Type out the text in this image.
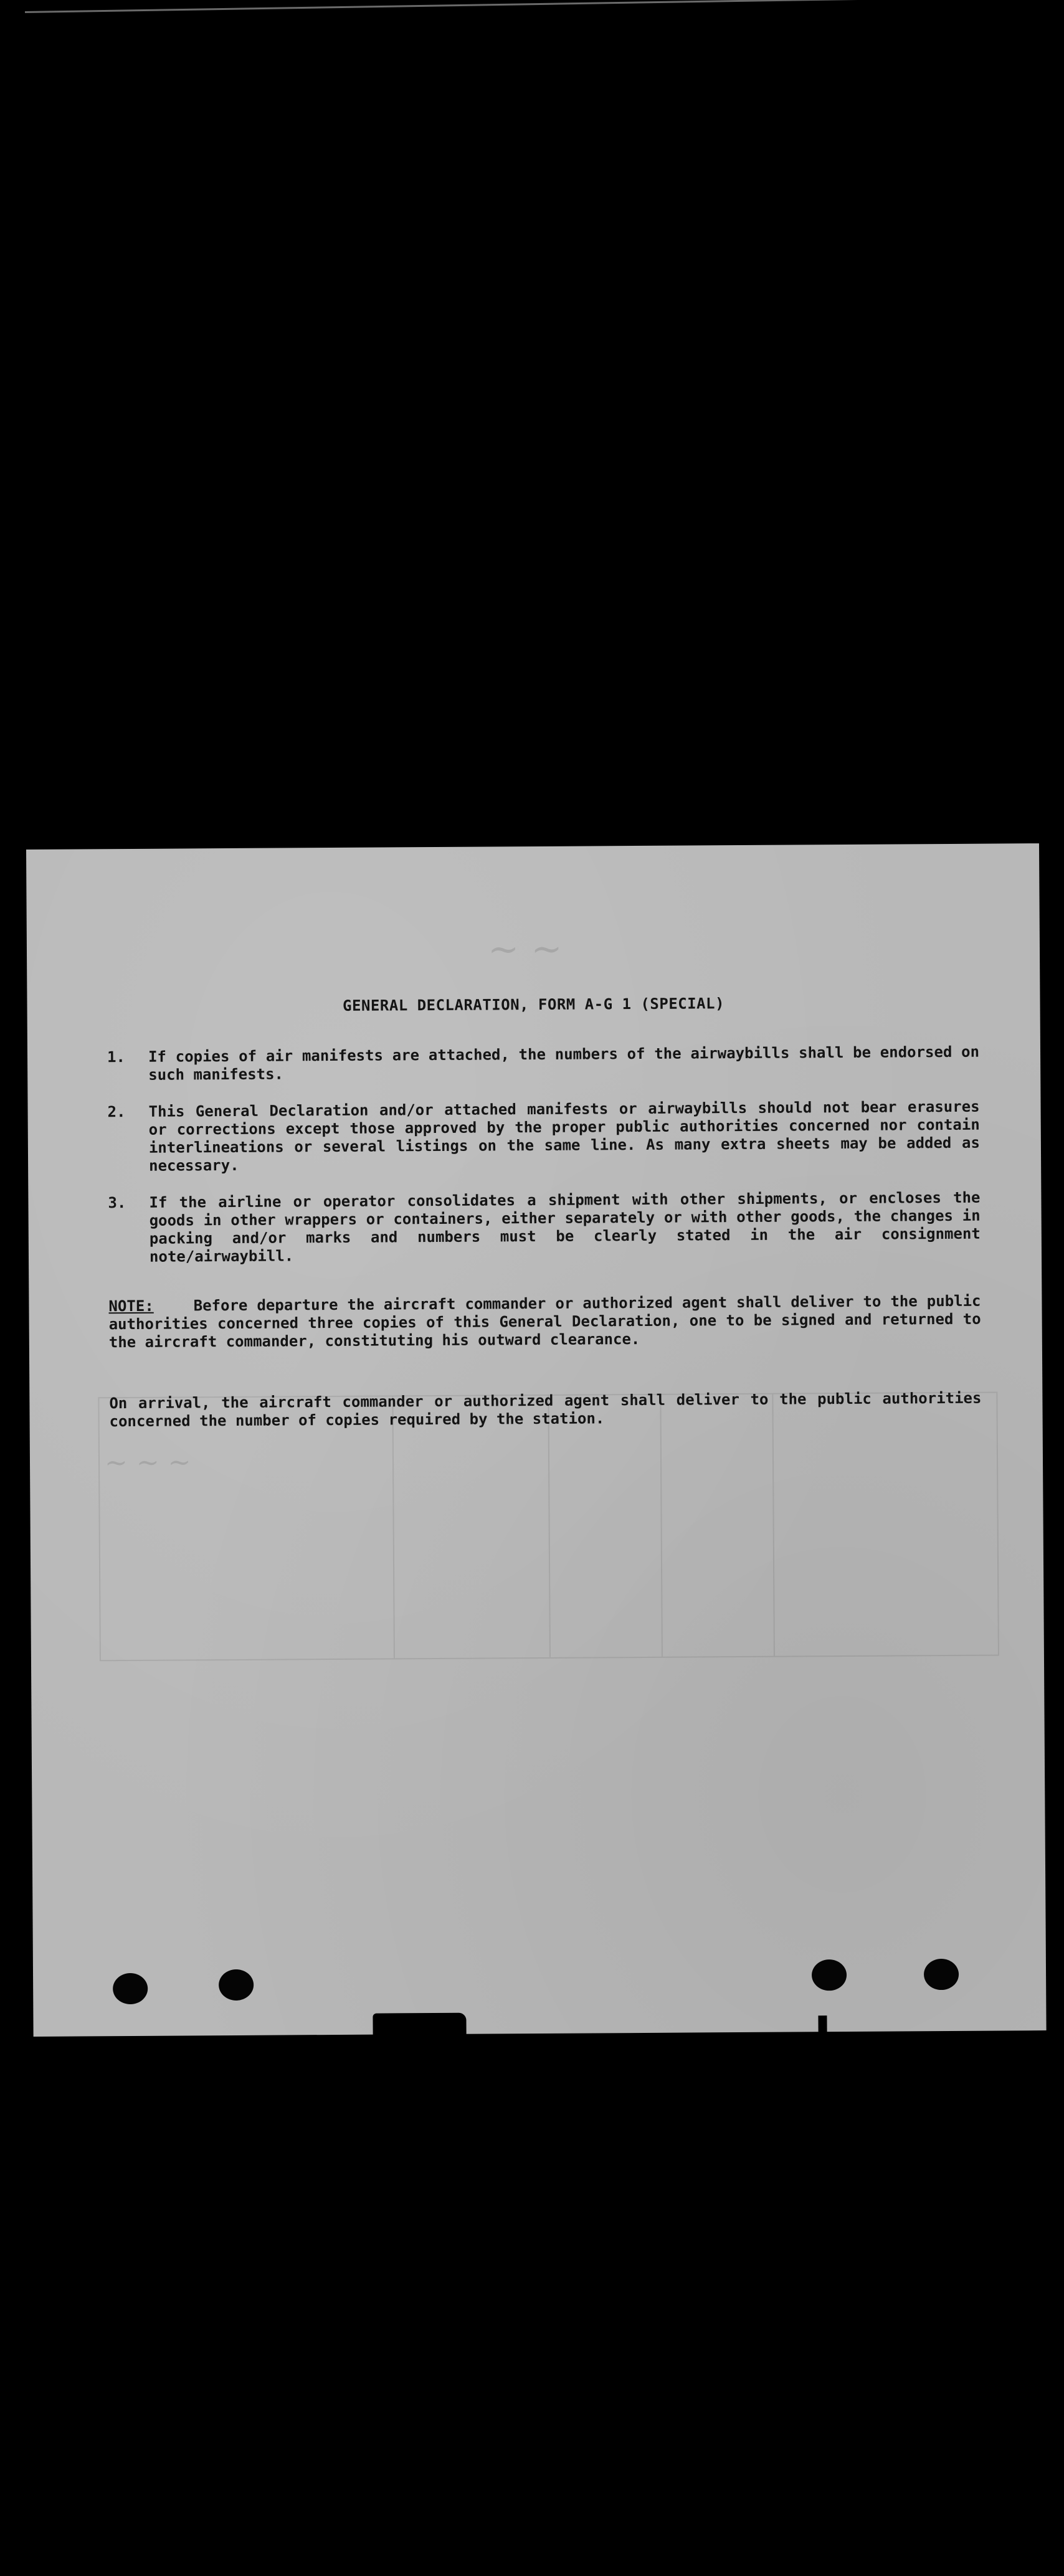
~ ~
~ ~ ~
GENERAL DECLARATION, FORM A-G 1 (SPECIAL)
1.	If copies of air manifests are attached, the numbers of the airwaybills shall be endorsed on such manifests.
2.	This General Declaration and/or attached manifests or airwaybills should not bear erasures or corrections except those approved by the proper public authorities concerned nor contain interlineations or several listings on the same line. As many extra sheets may be added as necessary.
3.	If the airline or operator consolidates a shipment with other shipments, or encloses the goods in other wrappers or containers, either separately or with other goods, the changes in packing and/or marks and numbers must be clearly stated in the air consignment note/airwaybill.

NOTE:	Before departure the aircraft commander or authorized agent shall deliver to the public authorities concerned three copies of this General Declaration, one to be signed and returned to the aircraft commander, constituting his outward clearance.

On arrival, the aircraft commander or authorized agent shall deliver to the public authorities concerned the number of copies required by the station.
